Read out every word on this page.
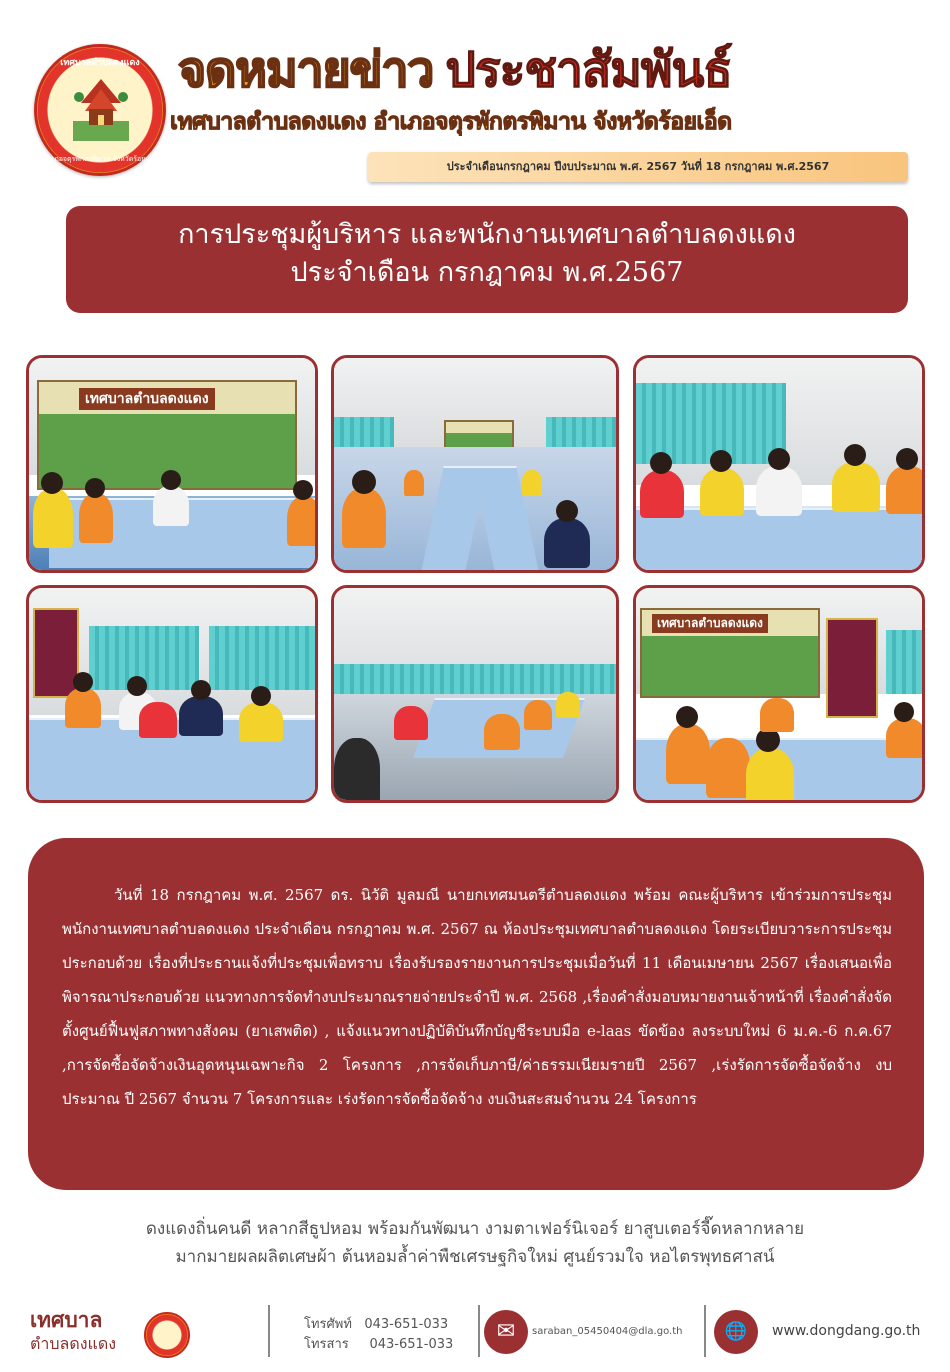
เทศบาลตำบลดงแดง
อำเภอจตุรพักตรพิมาน จังหวัดร้อยเอ็ด
จดหมายข่าว ประชาสัมพันธ์
เทศบาลตำบลดงแดง อำเภอจตุรพักตรพิมาน จังหวัดร้อยเอ็ด
ประจำเดือนกรกฎาคม ปีงบประมาณ พ.ศ. 2567 วันที่ 18 กรกฎาคม พ.ศ.2567
การประชุมผู้บริหาร และพนักงานเทศบาลตำบลดงแดง
ประจำเดือน กรกฎาคม พ.ศ.2567
เทศบาลตำบลดงแดง
เทศบาลตำบลดงแดง
วันที่ 18 กรกฎาคม พ.ศ. 2567 ดร. นิวัติ มูลมณี นายกเทศมนตรีตำบลดงแดง พร้อม คณะผู้บริหาร เข้าร่วมการประชุมพนักงานเทศบาลตำบลดงแดง ประจำเดือน กรกฎาคม พ.ศ. 2567 ณ ห้องประชุมเทศบาลตำบลดงแดง โดยระเบียบวาระการประชุม ประกอบด้วย เรื่องที่ประธานแจ้งที่ประชุมเพื่อทราบ เรื่องรับรองรายงานการประชุมเมื่อวันที่ 11 เดือนเมษายน 2567 เรื่องเสนอเพื่อพิจารณาประกอบด้วย แนวทางการจัดทำงบประมาณรายจ่ายประจำปี พ.ศ. 2568 ,เรื่องคำสั่งมอบหมายงานเจ้าหน้าที่ เรื่องคำสั่งจัดตั้งศูนย์ฟื้นฟูสภาพทางสังคม (ยาเสพติด) , แจ้งแนวทางปฏิบัติบันทึกบัญชีระบบมือ e-laas ขัดข้อง ลงระบบใหม่ 6 ม.ค.-6 ก.ค.67 ,การจัดซื้อจัดจ้างเงินอุดหนุนเฉพาะกิจ 2 โครงการ ,การจัดเก็บภาษี/ค่าธรรมเนียมรายปี 2567 ,เร่งรัดการจัดซื้อจัดจ้าง งบประมาณ ปี 2567 จำนวน 7 โครงการและ เร่งรัดการจัดซื้อจัดจ้าง งบเงินสะสมจำนวน 24 โครงการ
ดงแดงถิ่นคนดี หลากสีธูปหอม พร้อมกันพัฒนา งามตาเฟอร์นิเจอร์ ยาสูบเตอร์จี๊ดหลากหลาย
มากมายผลผลิตเศษผ้า ต้นหอมล้ำค่าพืชเศรษฐกิจใหม่ ศูนย์รวมใจ หอไตรพุทธศาสน์
เทศบาล
ตำบลดงแดง
โทรศัพท์ 043-651-033
โทรสาร 043-651-033
✉	saraban_05450404@dla.go.th	🌐	www.dongdang.go.th
